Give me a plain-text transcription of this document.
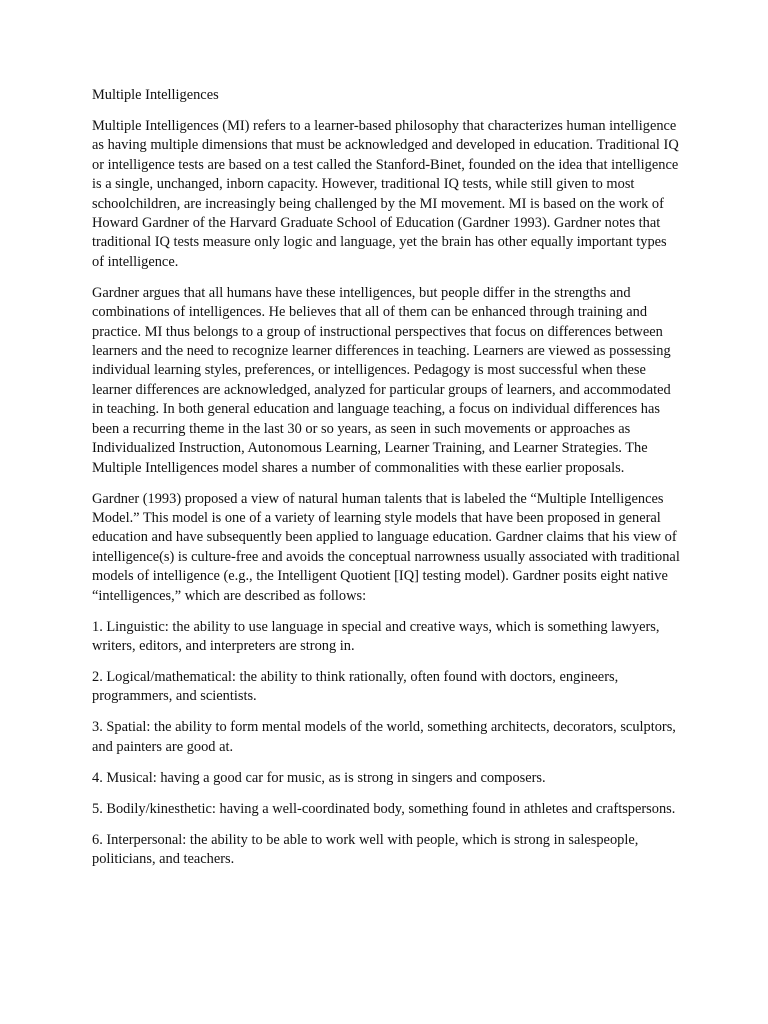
Multiple Intelligences

Multiple Intelligences (MI) refers to a learner-based philosophy that characterizes human intelligence as having multiple dimensions that must be acknowledged and developed in education. Traditional IQ or intelligence tests are based on a test called the Stanford-Binet, founded on the idea that intelligence is a single, unchanged, inborn capacity. However, traditional IQ tests, while still given to most schoolchildren, are increasingly being challenged by the MI movement. MI is based on the work of Howard Gardner of the Harvard Graduate School of Education (Gardner 1993). Gardner notes that traditional IQ tests measure only logic and language, yet the brain has other equally important types of intelligence.

Gardner argues that all humans have these intelligences, but people differ in the strengths and combinations of intelligences. He believes that all of them can be enhanced through training and practice. MI thus belongs to a group of instructional perspectives that focus on differences between learners and the need to recognize learner differences in teaching. Learners are viewed as possessing individual learning styles, preferences, or intelligences. Pedagogy is most successful when these learner differences are acknowledged, analyzed for particular groups of learners, and accommodated in teaching. In both general education and language teaching, a focus on individual differences has been a recurring theme in the last 30 or so years, as seen in such movements or approaches as Individualized Instruction, Autonomous Learning, Learner Training, and Learner Strategies. The Multiple Intelligences model shares a number of commonalities with these earlier proposals.

Gardner (1993) proposed a view of natural human talents that is labeled the “Multiple Intelligences Model.” This model is one of a variety of learning style models that have been proposed in general education and have subsequently been applied to language education. Gardner claims that his view of intelligence(s) is culture-free and avoids the conceptual narrowness usually associated with traditional models of intelligence (e.g., the Intelligent Quotient [IQ] testing model). Gardner posits eight native “intelligences,” which are described as follows:

1. Linguistic: the ability to use language in special and creative ways, which is something lawyers, writers, editors, and interpreters are strong in.

2. Logical/mathematical: the ability to think rationally, often found with doctors, engineers, programmers, and scientists.

3. Spatial: the ability to form mental models of the world, something architects, decorators, sculptors, and painters are good at.

4. Musical: having a good car for music, as is strong in singers and composers.

5. Bodily/kinesthetic: having a well-coordinated body, something found in athletes and craftspersons.

6. Interpersonal: the ability to be able to work well with people, which is strong in salespeople, politicians, and teachers.
